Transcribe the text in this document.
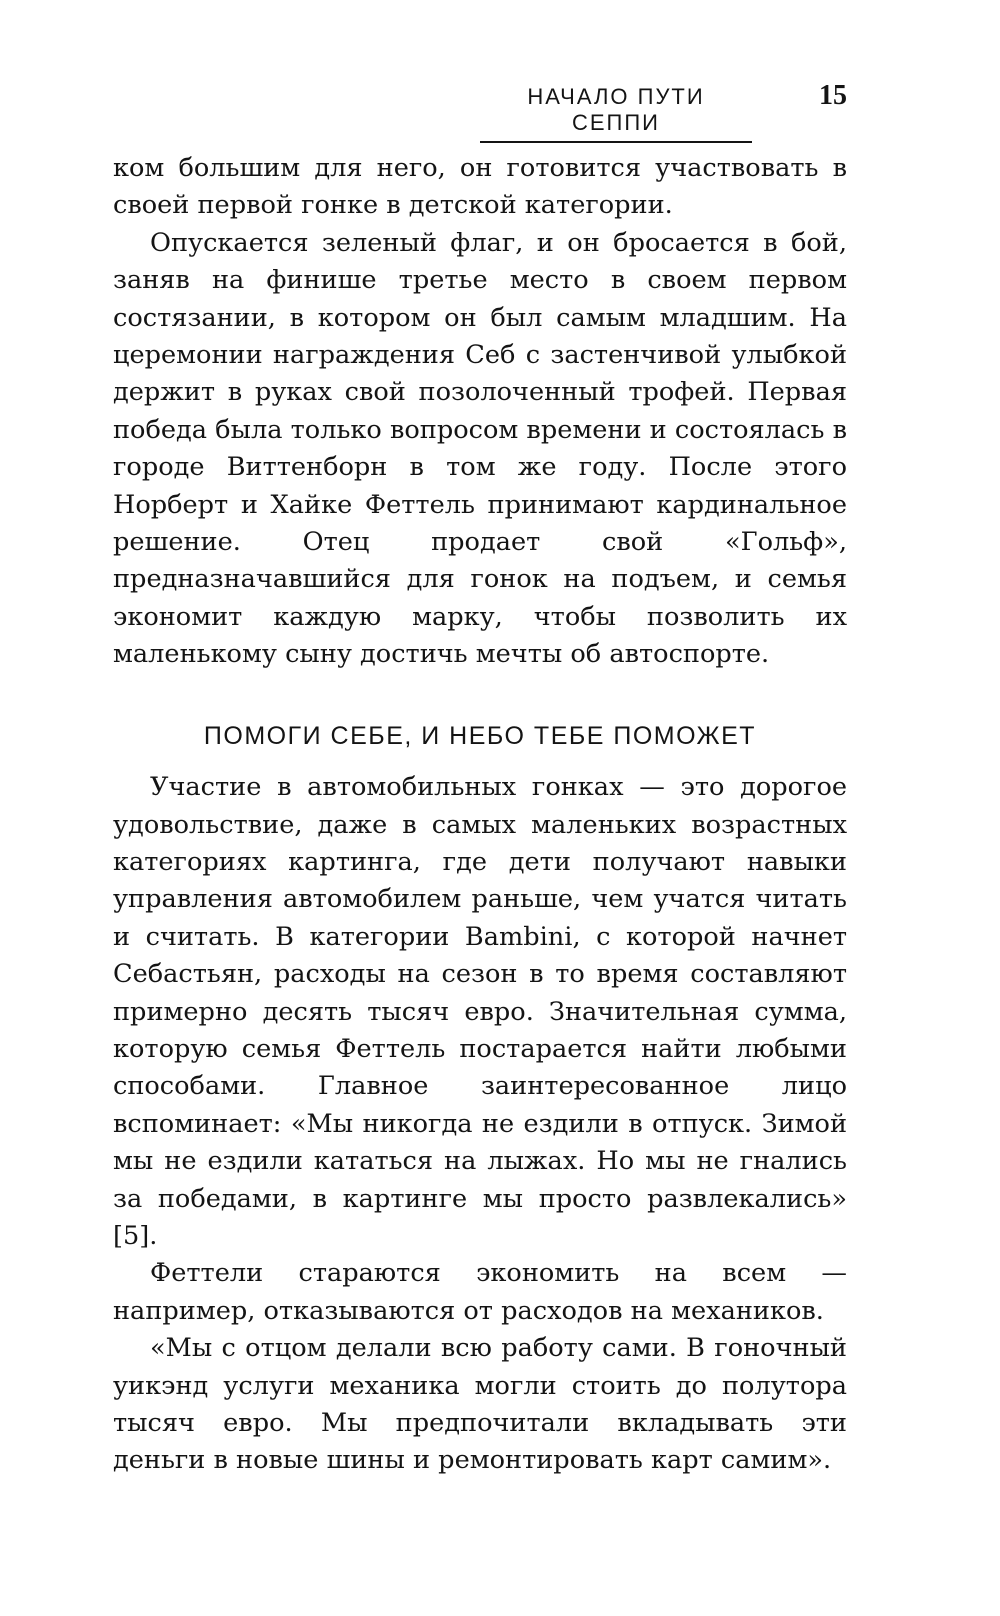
НАЧАЛО ПУТИ СЕППИ
15

ком большим для него, он готовится участвовать в своей первой гонке в детской категории.

Опускается зеленый флаг, и он бросается в бой, заняв на финише третье место в своем первом состязании, в котором он был самым младшим. На церемонии награждения Себ с застенчивой улыбкой держит в руках свой позолоченный трофей. Первая победа была только вопросом времени и состоялась в городе Виттенборн в том же году. После этого Норберт и Хайке Феттель принимают кардинальное решение. Отец продает свой «Гольф», предназначавшийся для гонок на подъем, и семья экономит каждую марку, чтобы позволить их маленькому сыну достичь мечты об автоспорте.

ПОМОГИ СЕБЕ, И НЕБО ТЕБЕ ПОМОЖЕТ

Участие в автомобильных гонках — это дорогое удовольствие, даже в самых маленьких возрастных категориях картинга, где дети получают навыки управления автомобилем раньше, чем учатся читать и считать. В категории Bambini, с которой начнет Себастьян, расходы на сезон в то время составляют примерно десять тысяч евро. Значительная сумма, которую семья Феттель постарается найти любыми способами. Главное заинтересованное лицо вспоминает: «Мы никогда не ездили в отпуск. Зимой мы не ездили кататься на лыжах. Но мы не гнались за победами, в картинге мы просто развлекались» [5].

Феттели стараются экономить на всем — например, отказываются от расходов на механиков.

«Мы с отцом делали всю работу сами. В гоночный уикэнд услуги механика могли стоить до полутора тысяч евро. Мы предпочитали вкладывать эти деньги в новые шины и ремонтировать карт самим».
